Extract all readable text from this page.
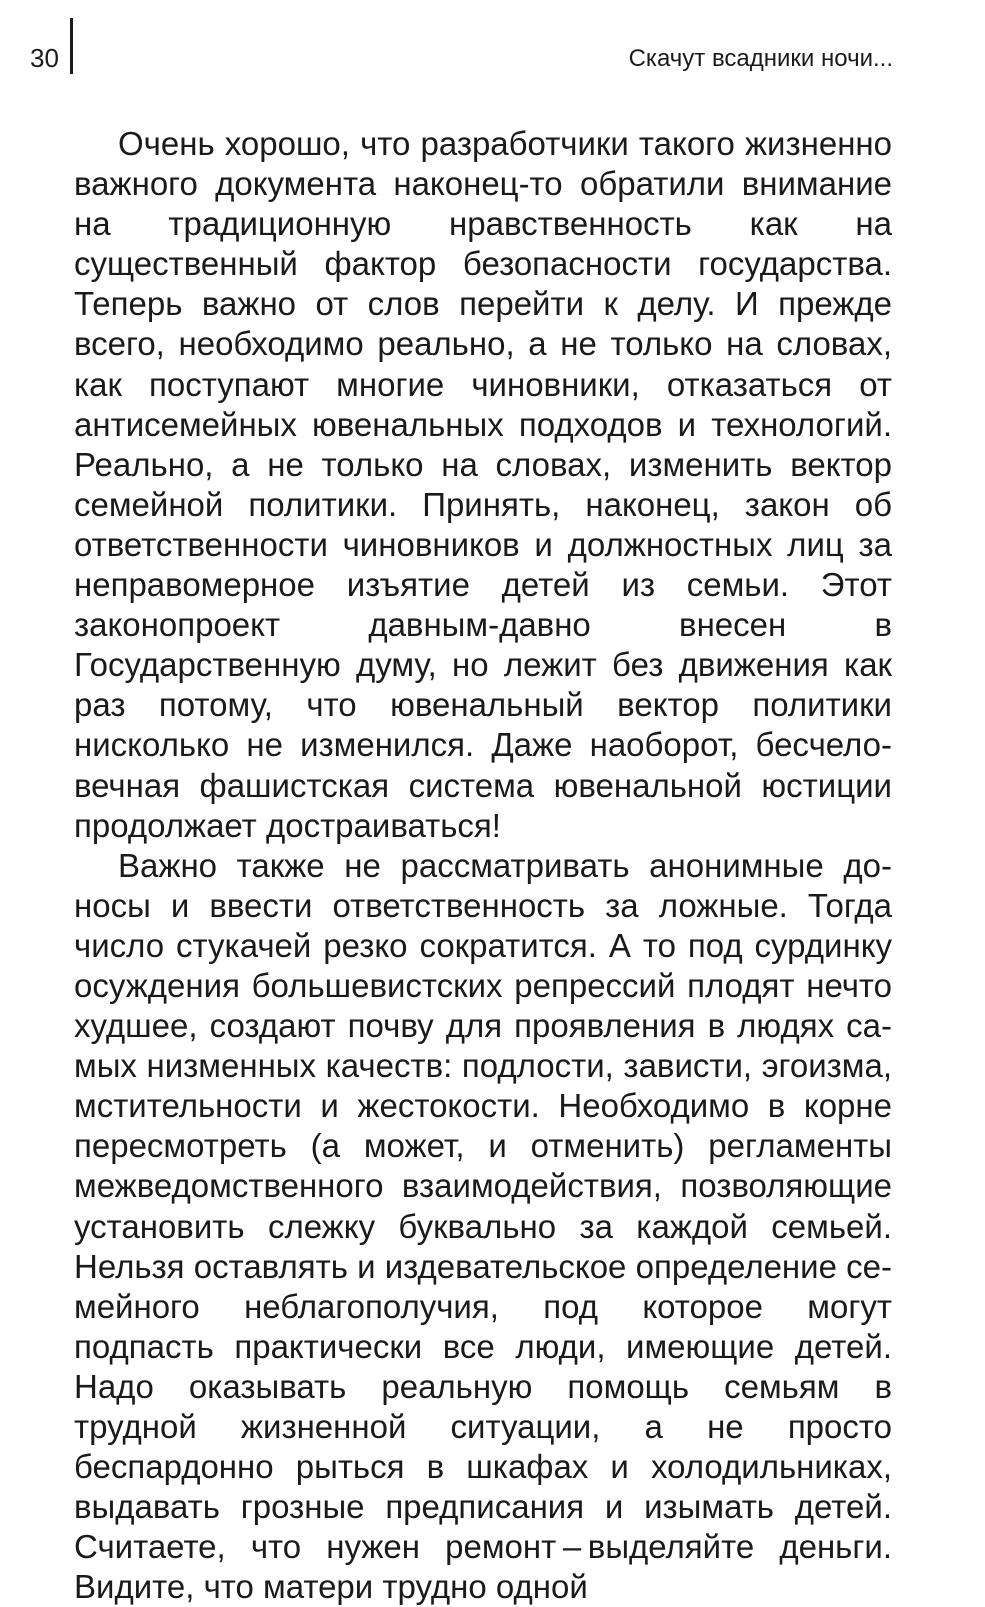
30	Скачут всадники ночи...

Очень хорошо, что разработчики такого жизненно важного документа наконец-то обратили внимание на традиционную нравственность как на существенный фактор безопасности государства. Теперь важно от слов перейти к делу. И прежде всего, необходимо реально, а не только на словах, как поступают многие чиновники, отказаться от антисемейных ювенальных подходов и технологий. Реально, а не только на словах, изменить вектор семейной политики. Принять, наконец, закон об ответственности чиновников и должностных лиц за неправомерное изъятие детей из семьи. Этот законопроект давным-давно внесен в Государственную думу, но лежит без движения как раз потому, что ювенальный вектор политики нисколько не изменился. Даже наоборот, бесчеловечная фашистская система ювенальной юстиции продолжает достраиваться!

Важно также не рассматривать анонимные доносы и ввести ответственность за ложные. Тогда число стукачей резко сократится. А то под сурдинку осуждения большевистских репрессий плодят нечто худшее, создают почву для проявления в людях самых низменных качеств: подлости, зависти, эгоизма, мстительности и жестокости. Необходимо в корне пересмотреть (а может, и отменить) регламенты межведомственного взаимодействия, позволяющие установить слежку буквально за каждой семьей. Нельзя оставлять и издевательское определение семейного неблагополучия, под которое могут подпасть практически все люди, имеющие детей. Надо оказывать реальную помощь семьям в трудной жизненной ситуации, а не просто беспардонно рыться в шкафах и холодильниках, выдавать грозные предписания и изымать детей. Считаете, что нужен ремонт – выделяйте деньги. Видите, что матери трудно одной
